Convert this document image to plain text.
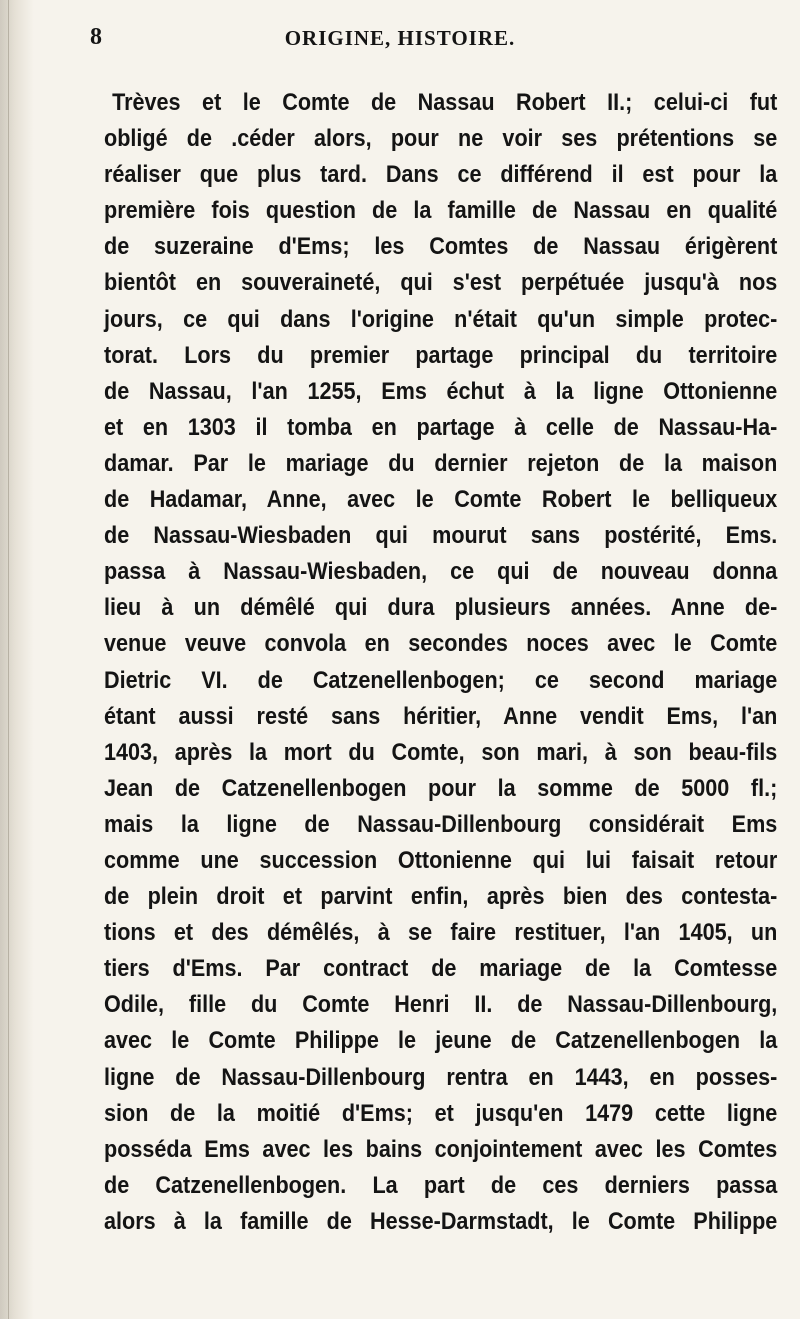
8	ORIGINE, HISTOIRE.
Trèves et le Comte de Nassau Robert II.; celui-ci fut
obligé de .céder alors, pour ne voir ses prétentions se
réaliser que plus tard. Dans ce différend il est pour la
première fois question de la famille de Nassau en qualité
de suzeraine d'Ems; les Comtes de Nassau érigèrent
bientôt en souveraineté, qui s'est perpétuée jusqu'à nos
jours, ce qui dans l'origine n'était qu'un simple protec-
torat. Lors du premier partage principal du territoire
de Nassau, l'an 1255, Ems échut à la ligne Ottonienne
et en 1303 il tomba en partage à celle de Nassau-Ha-
damar. Par le mariage du dernier rejeton de la maison
de Hadamar, Anne, avec le Comte Robert le belliqueux
de Nassau-Wiesbaden qui mourut sans postérité, Ems.
passa à Nassau-Wiesbaden, ce qui de nouveau donna
lieu à un démêlé qui dura plusieurs années. Anne de-
venue veuve convola en secondes noces avec le Comte
Dietric VI. de Catzenellenbogen; ce second mariage
étant aussi resté sans héritier, Anne vendit Ems, l'an
1403, après la mort du Comte, son mari, à son beau-fils
Jean de Catzenellenbogen pour la somme de 5000 fl.;
mais la ligne de Nassau-Dillenbourg considérait Ems
comme une succession Ottonienne qui lui faisait retour
de plein droit et parvint enfin, après bien des contesta-
tions et des démêlés, à se faire restituer, l'an 1405, un
tiers d'Ems. Par contract de mariage de la Comtesse
Odile, fille du Comte Henri II. de Nassau-Dillenbourg,
avec le Comte Philippe le jeune de Catzenellenbogen la
ligne de Nassau-Dillenbourg rentra en 1443, en posses-
sion de la moitié d'Ems; et jusqu'en 1479 cette ligne
posséda Ems avec les bains conjointement avec les Comtes
de Catzenellenbogen. La part de ces derniers passa
alors à la famille de Hesse-Darmstadt, le Comte Philippe
